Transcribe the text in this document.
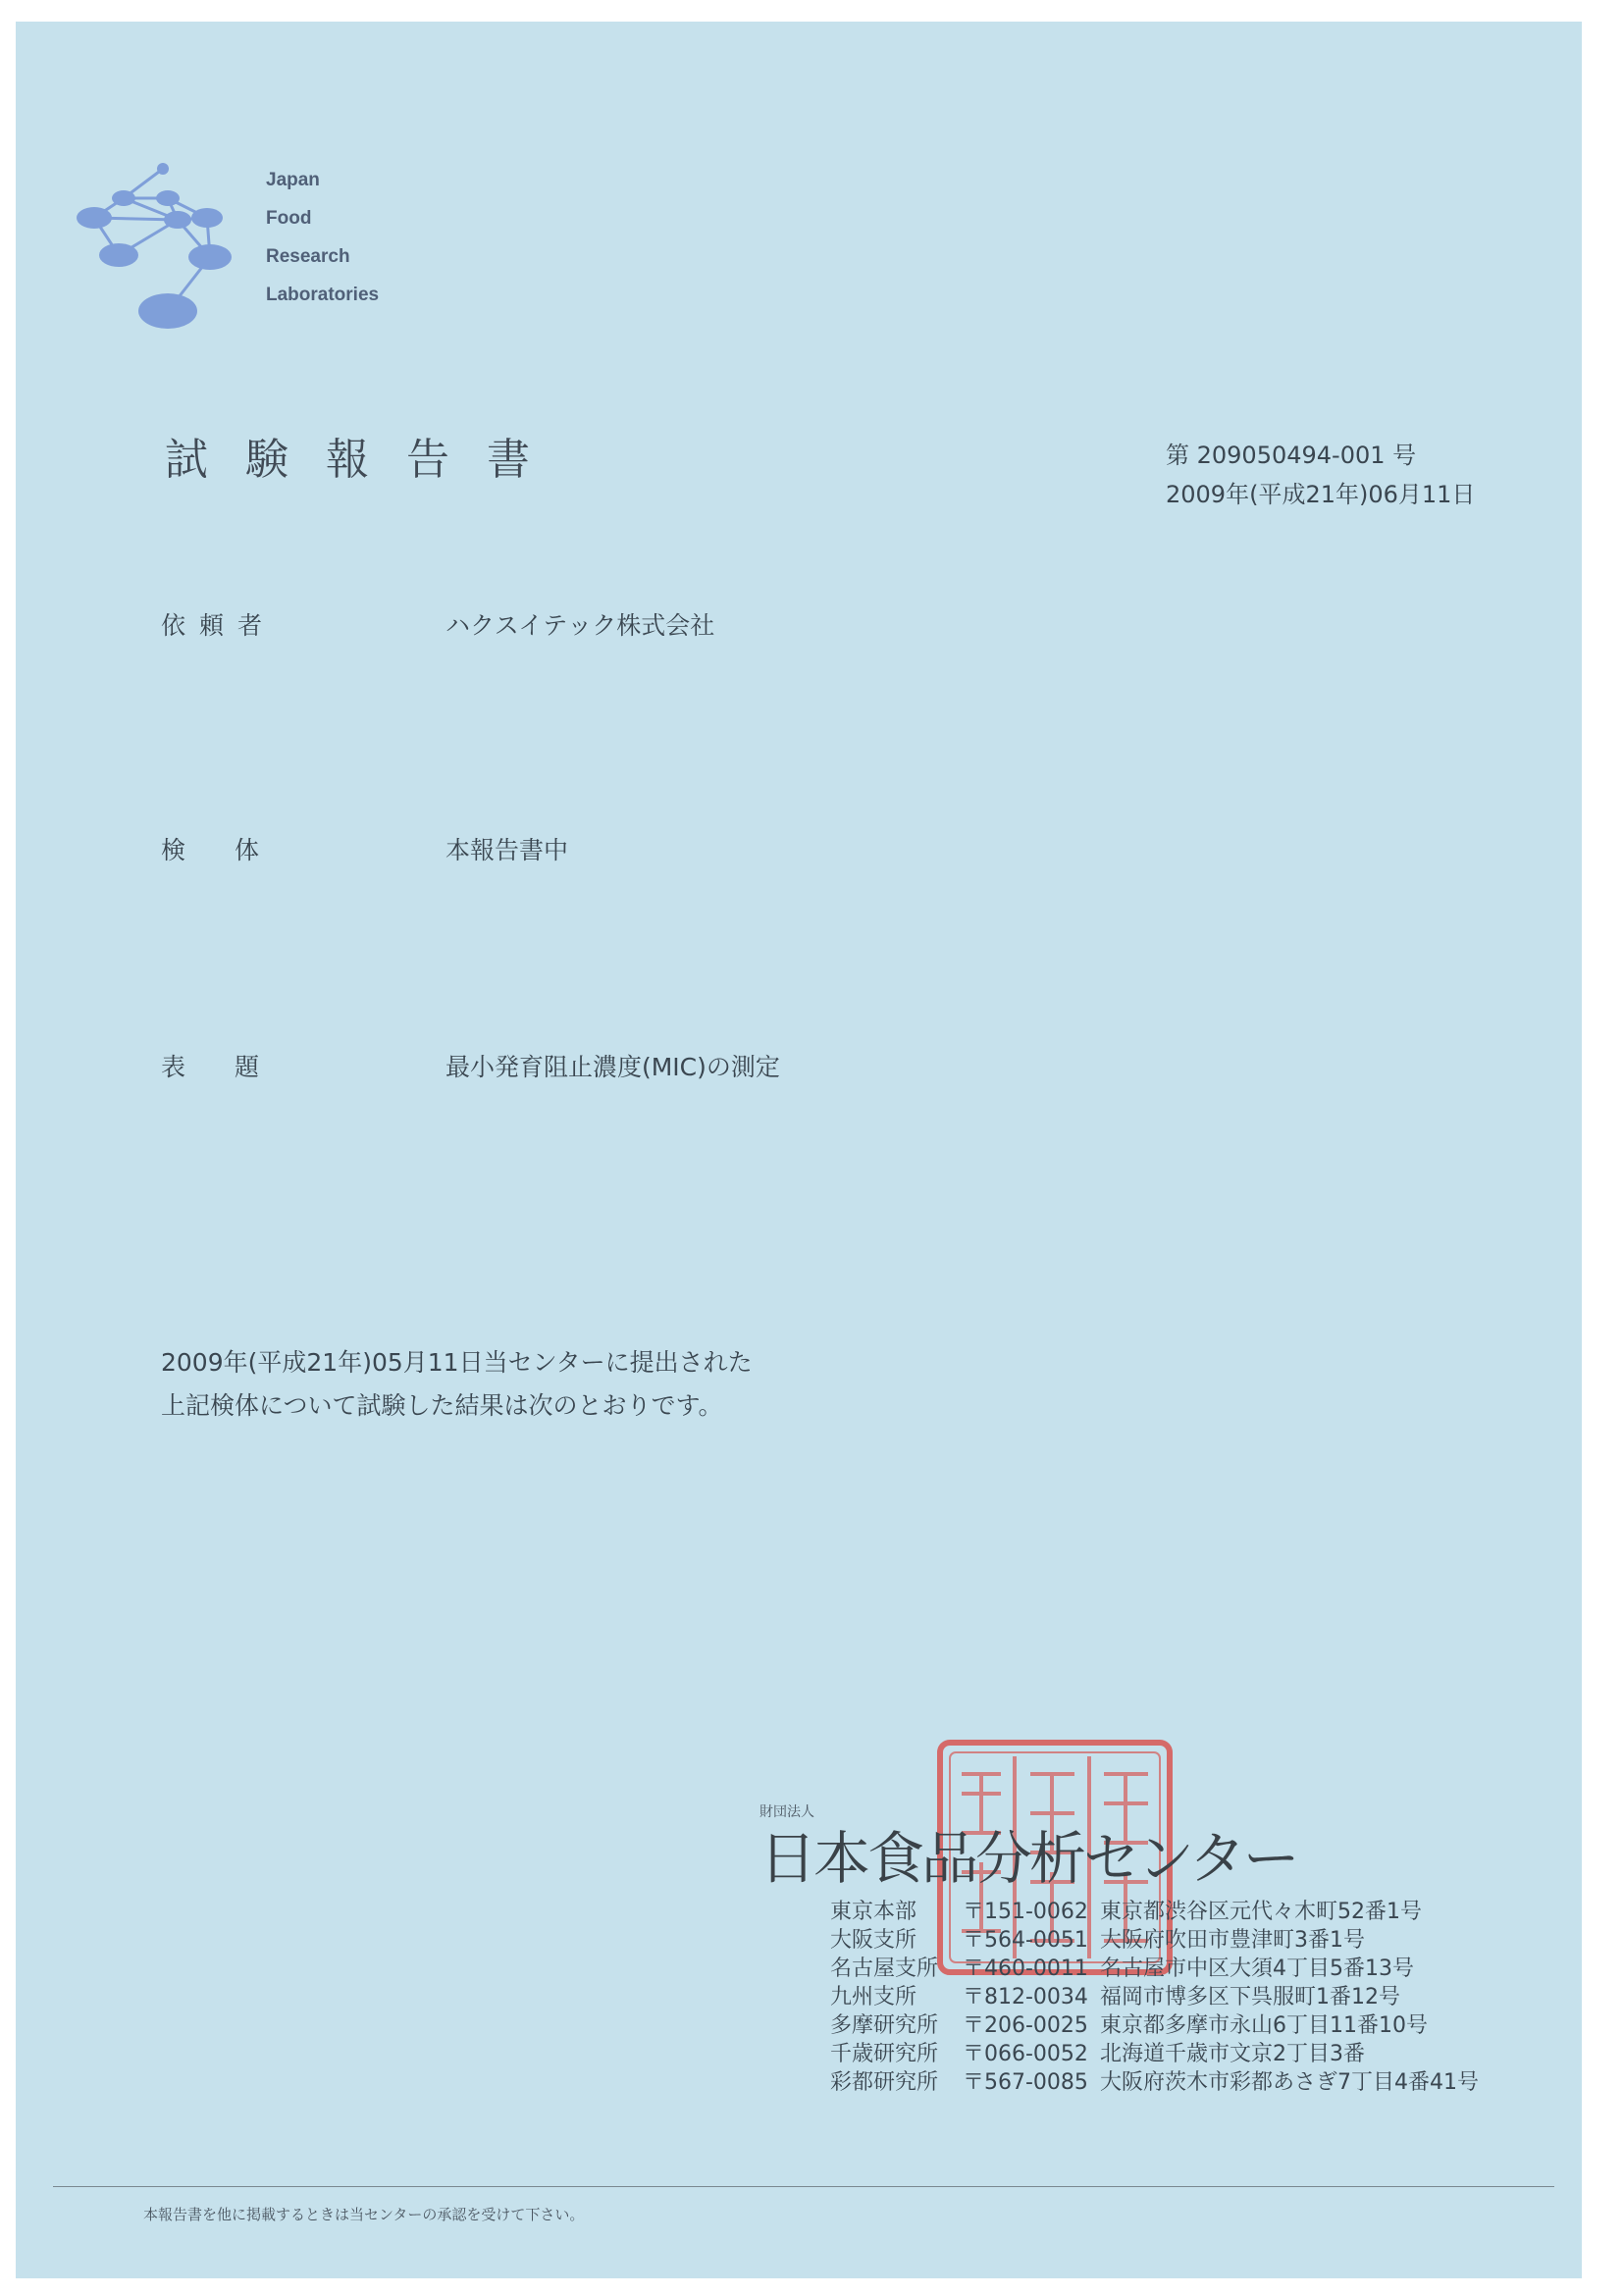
Japan
Food
Research
Laboratories
試験報告書	第 209050494-001 号
2009年(平成21年)06月11日
依頼者	ハクスイテック株式会社
検体	本報告書中
表題	最小発育阻止濃度(MIC)の測定
2009年(平成21年)05月11日当センターに提出された
上記検体について試験した結果は次のとおりです。
財団法人
日本食品分析センター
東京本部 〒151-0062 東京都渋谷区元代々木町52番1号
大阪支所 〒564-0051 大阪府吹田市豊津町3番1号
名古屋支所 〒460-0011 名古屋市中区大須4丁目5番13号
九州支所 〒812-0034 福岡市博多区下呉服町1番12号
多摩研究所 〒206-0025 東京都多摩市永山6丁目11番10号
千歳研究所 〒066-0052 北海道千歳市文京2丁目3番
彩都研究所 〒567-0085 大阪府茨木市彩都あさぎ7丁目4番41号
本報告書を他に掲載するときは当センターの承認を受けて下さい。
